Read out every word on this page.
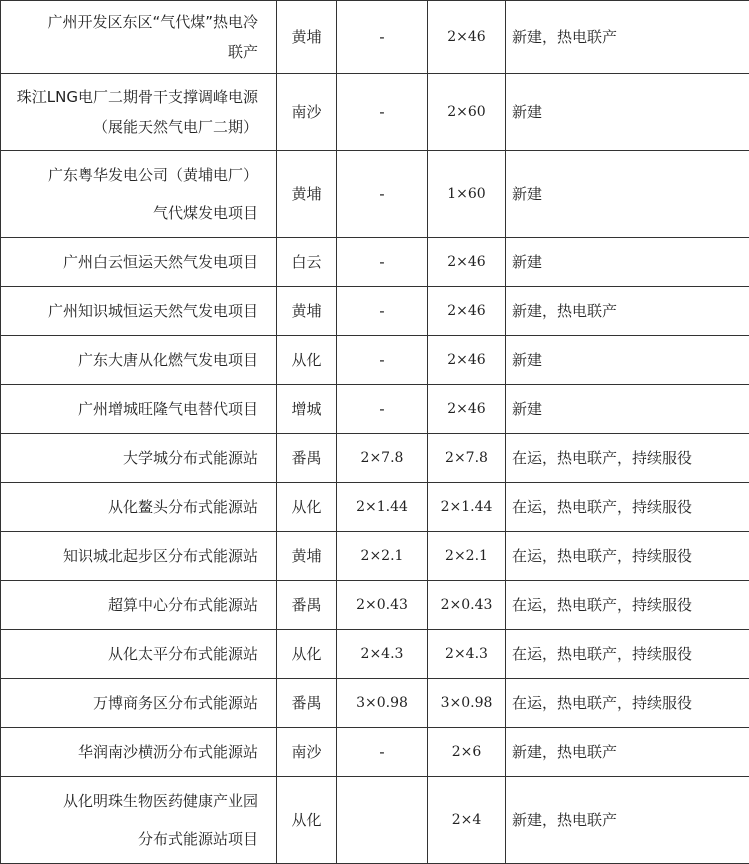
广州开发区东区“气代煤”热电冷
联产	黄埔	-	2×46	新建，热电联产

珠江LNG电厂二期骨干支撑调峰电源
（展能天然气电厂二期）	南沙	-	2×60	新建

广东粤华发电公司（黄埔电厂）
气代煤发电项目	黄埔	-	1×60	新建

广州白云恒运天然气发电项目	白云	-	2×46	新建

广州知识城恒运天然气发电项目	黄埔	-	2×46	新建，热电联产

广东大唐从化燃气发电项目	从化	-	2×46	新建

广州增城旺隆气电替代项目	增城	-	2×46	新建

大学城分布式能源站	番禺	2×7.8	2×7.8	在运，热电联产，持续服役

从化鳌头分布式能源站	从化	2×1.44	2×1.44	在运，热电联产，持续服役

知识城北起步区分布式能源站	黄埔	2×2.1	2×2.1	在运，热电联产，持续服役

超算中心分布式能源站	番禺	2×0.43	2×0.43	在运，热电联产，持续服役

从化太平分布式能源站	从化	2×4.3	2×4.3	在运，热电联产，持续服役

万博商务区分布式能源站	番禺	3×0.98	3×0.98	在运，热电联产，持续服役

华润南沙横沥分布式能源站	南沙	-	2×6	新建，热电联产

从化明珠生物医药健康产业园
分布式能源站项目	从化		2×4	新建，热电联产
